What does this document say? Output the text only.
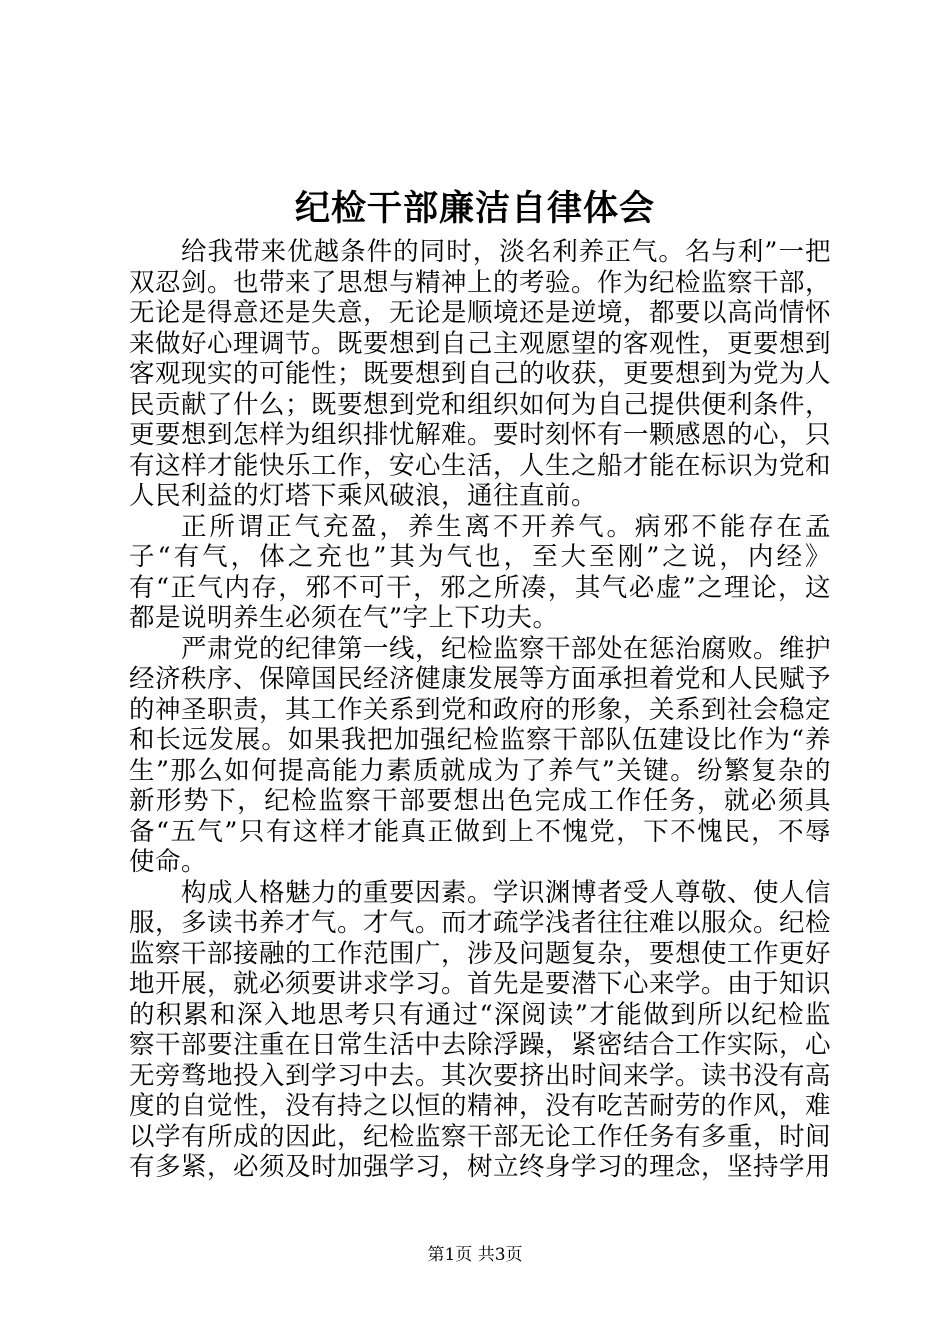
纪检干部廉洁自律体会

给我带来优越条件的同时，淡名利养正气。名与利”一把双忍剑。也带来了思想与精神上的考验。作为纪检监察干部，无论是得意还是失意，无论是顺境还是逆境，都要以高尚情怀来做好心理调节。既要想到自己主观愿望的客观性，更要想到客观现实的可能性；既要想到自己的收获，更要想到为党为人民贡献了什么；既要想到党和组织如何为自己提供便利条件，更要想到怎样为组织排忧解难。要时刻怀有一颗感恩的心，只有这样才能快乐工作，安心生活，人生之船才能在标识为党和人民利益的灯塔下乘风破浪，通往直前。

正所谓正气充盈，养生离不开养气。病邪不能存在孟子“有气，体之充也”其为气也，至大至刚”之说，内经》有“正气内存，邪不可干，邪之所凑，其气必虚”之理论，这都是说明养生必须在气”字上下功夫。

严肃党的纪律第一线，纪检监察干部处在惩治腐败。维护经济秩序、保障国民经济健康发展等方面承担着党和人民赋予的神圣职责，其工作关系到党和政府的形象，关系到社会稳定和长远发展。如果我把加强纪检监察干部队伍建设比作为“养生”那么如何提高能力素质就成为了养气”关键。纷繁复杂的新形势下，纪检监察干部要想出色完成工作任务，就必须具备“五气”只有这样才能真正做到上不愧党，下不愧民，不辱使命。

构成人格魅力的重要因素。学识渊博者受人尊敬、使人信服，多读书养才气。才气。而才疏学浅者往往难以服众。纪检监察干部接融的工作范围广，涉及问题复杂，要想使工作更好地开展，就必须要讲求学习。首先是要潜下心来学。由于知识的积累和深入地思考只有通过“深阅读”才能做到所以纪检监察干部要注重在日常生活中去除浮躁，紧密结合工作实际，心无旁骛地投入到学习中去。其次要挤出时间来学。读书没有高度的自觉性，没有持之以恒的精神，没有吃苦耐劳的作风，难以学有所成的因此，纪检监察干部无论工作任务有多重，时间有多紧，必须及时加强学习，树立终身学习的理念，坚持学用

第1页 共3页
